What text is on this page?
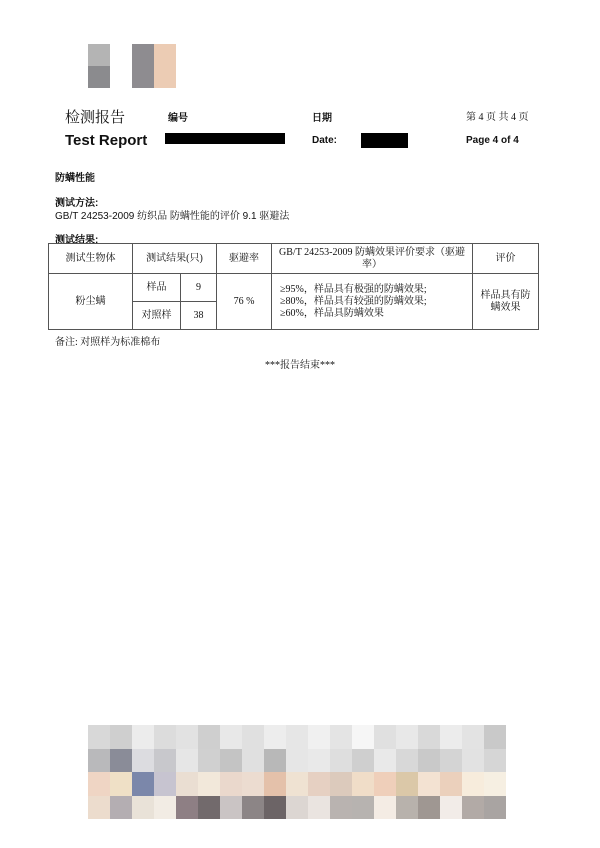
检测报告	编号	日期	第 4 页 共 4 页
Test Report	Date:	Page 4 of 4
防螨性能
测试方法:
GB/T 24253-2009 纺织品 防螨性能的评价 9.1 驱避法
测试结果:
测试生物体	测试结果(只)		驱避率	GB/T 24253-2009 防螨效果评价要求（驱避率）	评价
粉尘螨	样品	9	76 %	≥95%，样品具有极强的防螨效果;
≥80%，样品具有较强的防螨效果;
≥60%，样品具防螨效果	样品具有防螨效果
	对照样	38			
备注: 对照样为标准棉布
***报告结束***
